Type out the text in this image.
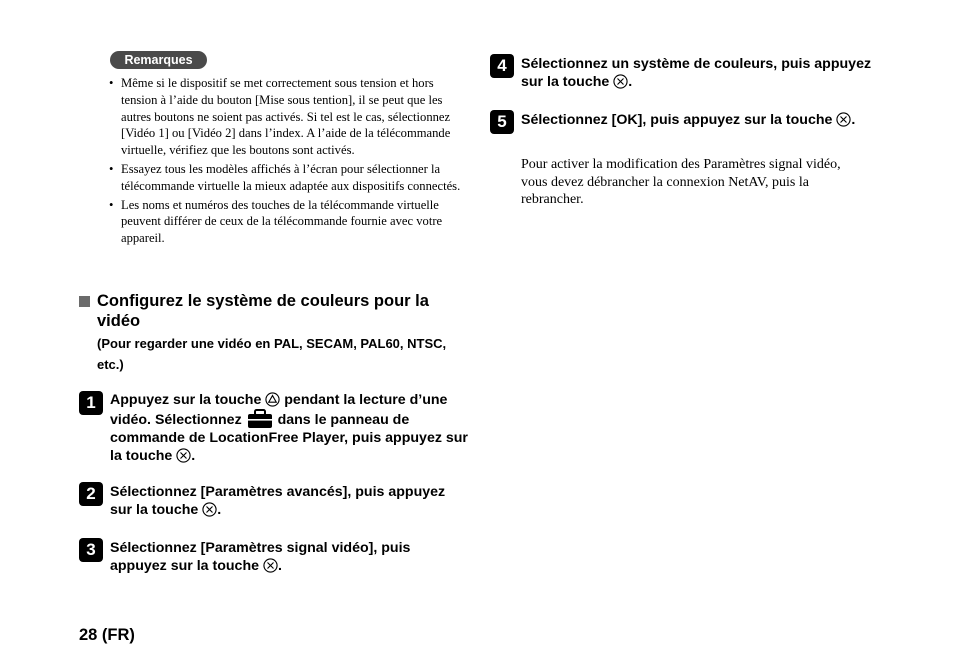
Remarques
• Même si le dispositif se met correctement sous tension et hors tension à l’aide du bouton [Mise sous tention], il se peut que les autres boutons ne soient pas activés. Si tel est le cas, sélectionnez [Vidéo 1] ou [Vidéo 2] dans l’index. A l’aide de la télécommande virtuelle, vérifiez que les boutons sont activés.
• Essayez tous les modèles affichés à l’écran pour sélectionner la télécommande virtuelle la mieux adaptée aux dispositifs connectés.
• Les noms et numéros des touches de la télécommande virtuelle peuvent différer de ceux de la télécommande fournie avec votre appareil.
Configurez le système de couleurs pour la vidéo
(Pour regarder une vidéo en PAL, SECAM, PAL60, NTSC, etc.)
1	Appuyez sur la touche pendant la lecture d’une vidéo. Sélectionnez	dans le panneau de commande de LocationFree Player, puis appuyez sur la touche .
2	Sélectionnez [Paramètres avancés], puis appuyez sur la touche .
3	Sélectionnez [Paramètres signal vidéo], puis appuyez sur la touche .
4	Sélectionnez un système de couleurs, puis appuyez sur la touche .
5	Sélectionnez [OK], puis appuyez sur la touche .
Pour activer la modification des Paramètres signal vidéo, vous devez débrancher la connexion NetAV, puis la rebrancher.
28 (FR)
